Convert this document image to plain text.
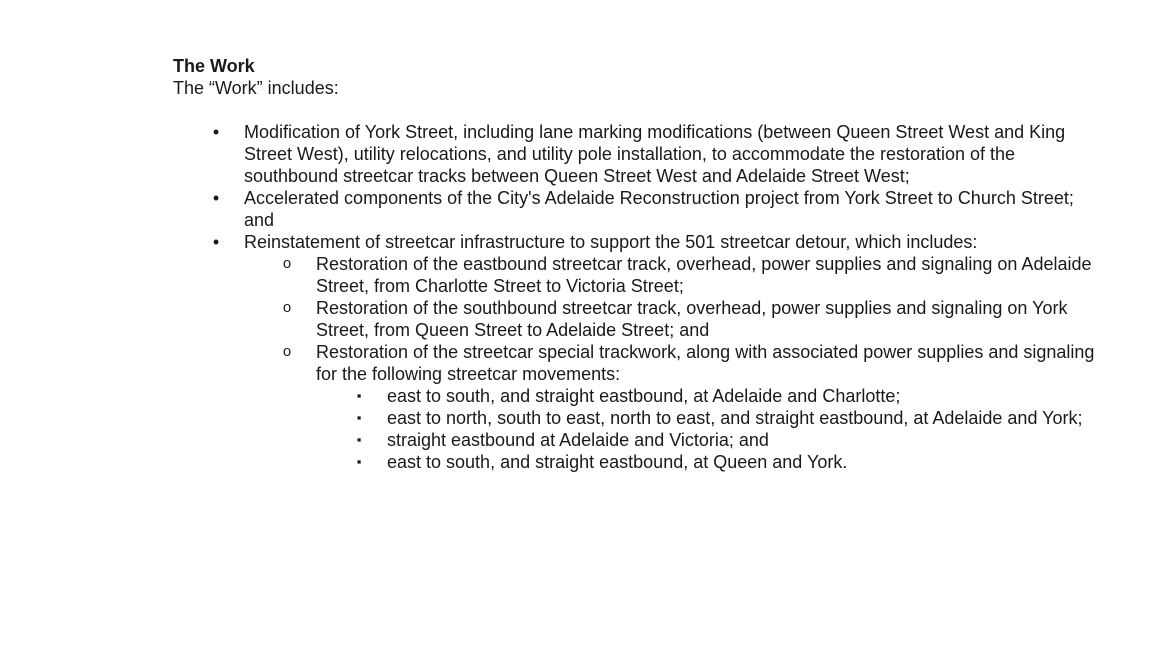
The Work

The “Work” includes:

• Modification of York Street, including lane marking modifications (between Queen Street West and King Street West), utility relocations, and utility pole installation, to accommodate the restoration of the southbound streetcar tracks between Queen Street West and Adelaide Street West;
• Accelerated components of the City's Adelaide Reconstruction project from York Street to Church Street; and
• Reinstatement of streetcar infrastructure to support the 501 streetcar detour, which includes:
o Restoration of the eastbound streetcar track, overhead, power supplies and signaling on Adelaide Street, from Charlotte Street to Victoria Street;
o Restoration of the southbound streetcar track, overhead, power supplies and signaling on York Street, from Queen Street to Adelaide Street; and
o Restoration of the streetcar special trackwork, along with associated power supplies and signaling for the following streetcar movements:
▪ east to south, and straight eastbound, at Adelaide and Charlotte;
▪ east to north, south to east, north to east, and straight eastbound, at Adelaide and York;
▪ straight eastbound at Adelaide and Victoria; and
▪ east to south, and straight eastbound, at Queen and York.
